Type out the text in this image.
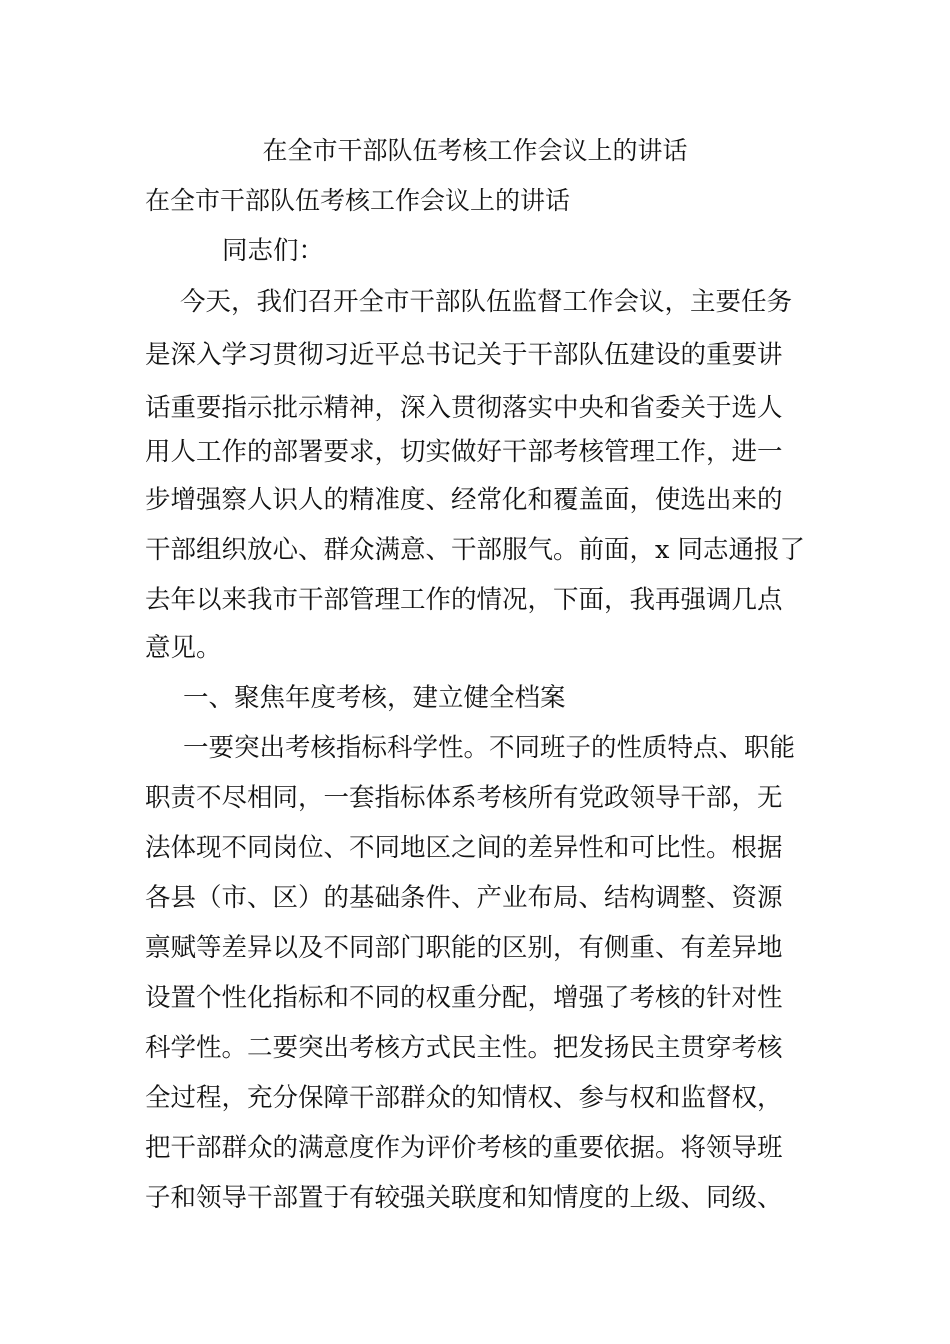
在全市干部队伍考核工作会议上的讲话
在全市干部队伍考核工作会议上的讲话
同志们：
今天，我们召开全市干部队伍监督工作会议，主要任务
是深入学习贯彻习近平总书记关于干部队伍建设的重要讲
话重要指示批示精神，深入贯彻落实中央和省委关于选人
用人工作的部署要求，切实做好干部考核管理工作，进一
步增强察人识人的精准度、经常化和覆盖面，使选出来的
干部组织放心、群众满意、干部服气。前面，x 同志通报了
去年以来我市干部管理工作的情况，下面，我再强调几点
意见。
一、聚焦年度考核，建立健全档案
一要突出考核指标科学性。不同班子的性质特点、职能
职责不尽相同，一套指标体系考核所有党政领导干部，无
法体现不同岗位、不同地区之间的差异性和可比性。根据
各县（市、区）的基础条件、产业布局、结构调整、资源
禀赋等差异以及不同部门职能的区别，有侧重、有差异地
设置个性化指标和不同的权重分配，增强了考核的针对性
科学性。二要突出考核方式民主性。把发扬民主贯穿考核
全过程，充分保障干部群众的知情权、参与权和监督权，
把干部群众的满意度作为评价考核的重要依据。将领导班
子和领导干部置于有较强关联度和知情度的上级、同级、
